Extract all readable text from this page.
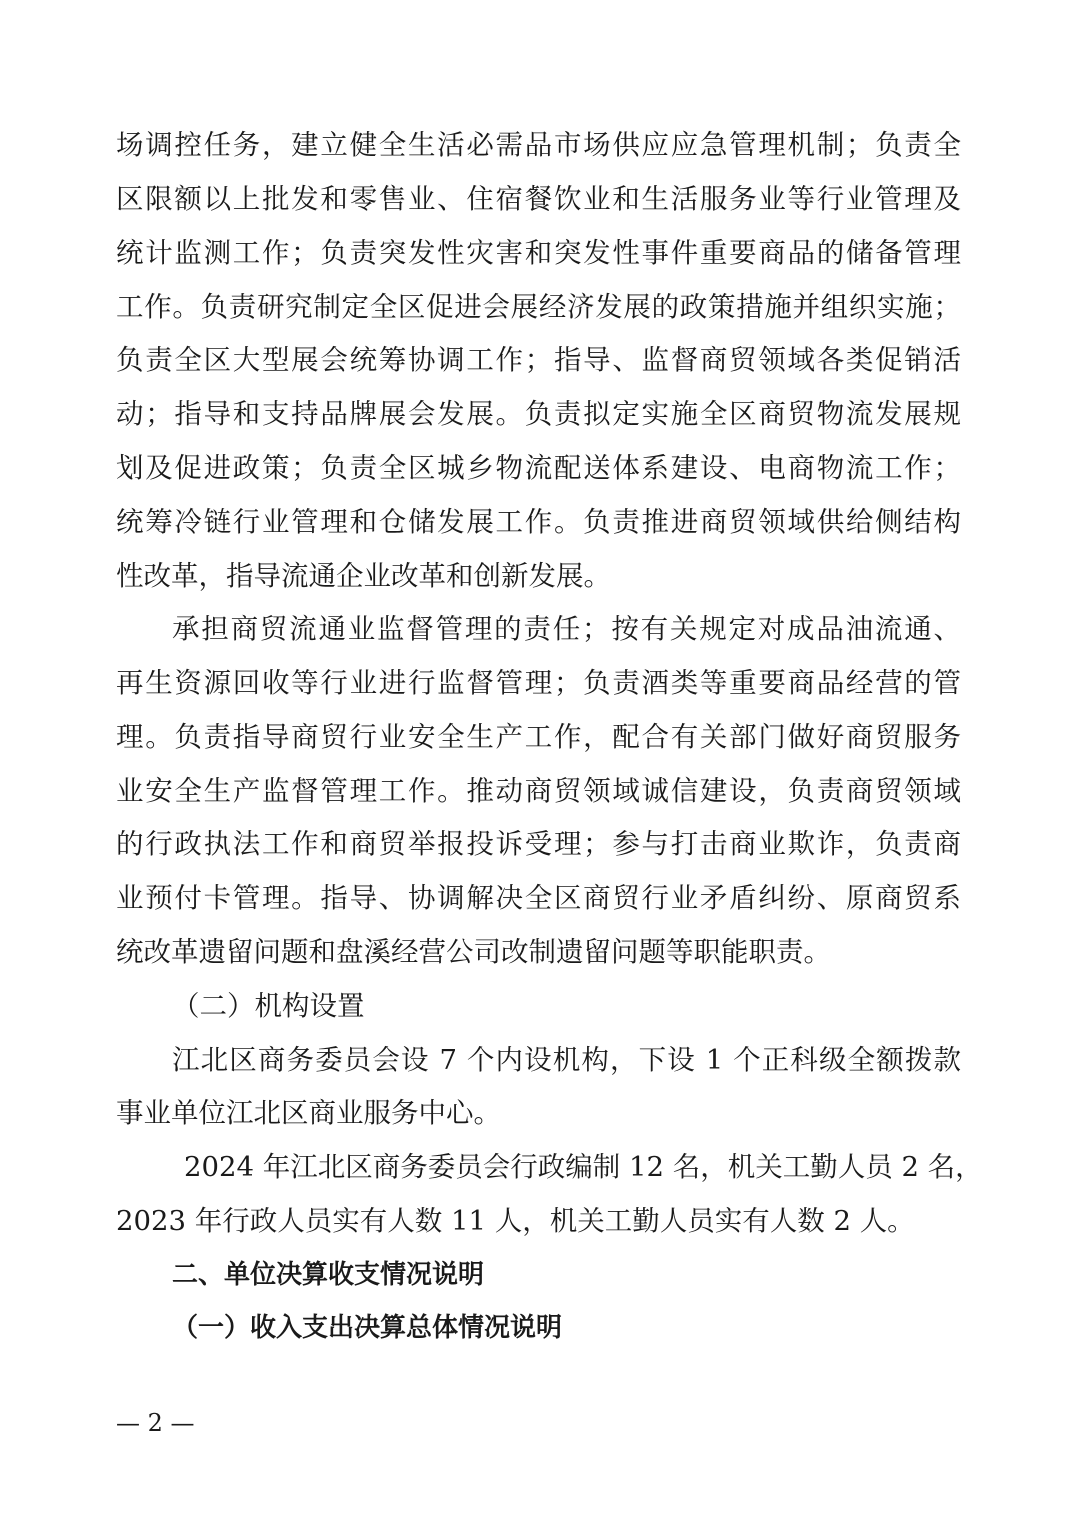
场调控任务，建立健全生活必需品市场供应应急管理机制；负责全
区限额以上批发和零售业、住宿餐饮业和生活服务业等行业管理及
统计监测工作；负责突发性灾害和突发性事件重要商品的储备管理
工作。负责研究制定全区促进会展经济发展的政策措施并组织实施；
负责全区大型展会统筹协调工作；指导、监督商贸领域各类促销活
动；指导和支持品牌展会发展。负责拟定实施全区商贸物流发展规
划及促进政策；负责全区城乡物流配送体系建设、电商物流工作；
统筹冷链行业管理和仓储发展工作。负责推进商贸领域供给侧结构
性改革，指导流通企业改革和创新发展。
承担商贸流通业监督管理的责任；按有关规定对成品油流通、
再生资源回收等行业进行监督管理；负责酒类等重要商品经营的管
理。负责指导商贸行业安全生产工作，配合有关部门做好商贸服务
业安全生产监督管理工作。推动商贸领域诚信建设，负责商贸领域
的行政执法工作和商贸举报投诉受理；参与打击商业欺诈，负责商
业预付卡管理。指导、协调解决全区商贸行业矛盾纠纷、原商贸系
统改革遗留问题和盘溪经营公司改制遗留问题等职能职责。
（二）机构设置
江北区商务委员会设 7 个内设机构，下设 1 个正科级全额拨款
事业单位江北区商业服务中心。
2024 年江北区商务委员会行政编制 12 名，机关工勤人员 2 名，
2023 年行政人员实有人数 11 人，机关工勤人员实有人数 2 人。
二、单位决算收支情况说明
（一）收入支出决算总体情况说明
— 2 —
